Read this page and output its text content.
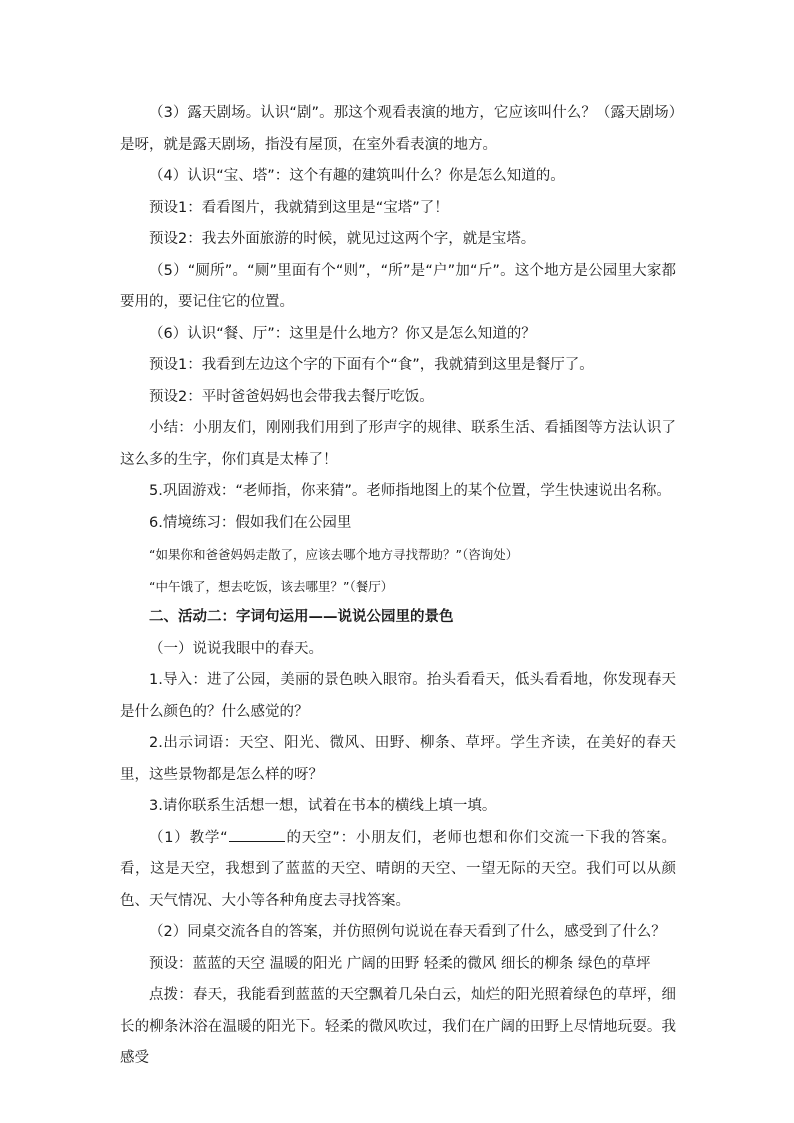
（3）露天剧场。认识“剧”。那这个观看表演的地方，它应该叫什么？（露天剧场）是呀，就是露天剧场，指没有屋顶，在室外看表演的地方。

（4）认识“宝、塔”：这个有趣的建筑叫什么？你是怎么知道的。

预设1：看看图片，我就猜到这里是“宝塔”了！

预设2：我去外面旅游的时候，就见过这两个字，就是宝塔。

（5）“厕所”。“厕”里面有个“则”，“所”是“户”加“斤”。这个地方是公园里大家都要用的，要记住它的位置。

（6）认识“餐、厅”：这里是什么地方？你又是怎么知道的？

预设1：我看到左边这个字的下面有个“食”，我就猜到这里是餐厅了。

预设2：平时爸爸妈妈也会带我去餐厅吃饭。

小结：小朋友们，刚刚我们用到了形声字的规律、联系生活、看插图等方法认识了这么多的生字，你们真是太棒了！

5.巩固游戏：“老师指，你来猜”。老师指地图上的某个位置，学生快速说出名称。

6.情境练习：假如我们在公园里

“如果你和爸爸妈妈走散了，应该去哪个地方寻找帮助？”（咨询处）

“中午饿了，想去吃饭，该去哪里？”（餐厅）

二、活动二：字词句运用——说说公园里的景色

（一）说说我眼中的春天。

1.导入：进了公园，美丽的景色映入眼帘。抬头看看天，低头看看地，你发现春天是什么颜色的？什么感觉的？

2.出示词语：天空、阳光、微风、田野、柳条、草坪。学生齐读，在美好的春天里，这些景物都是怎么样的呀？

3.请你联系生活想一想，试着在书本的横线上填一填。

（1）教学“	的天空”：小朋友们，老师也想和你们交流一下我的答案。看，这是天空，我想到了蓝蓝的天空、晴朗的天空、一望无际的天空。我们可以从颜色、天气情况、大小等各种角度去寻找答案。

（2）同桌交流各自的答案，并仿照例句说说在春天看到了什么，感受到了什么？

预设：蓝蓝的天空 温暖的阳光 广阔的田野 轻柔的微风 细长的柳条 绿色的草坪

点拨：春天，我能看到蓝蓝的天空飘着几朵白云，灿烂的阳光照着绿色的草坪，细长的柳条沐浴在温暖的阳光下。轻柔的微风吹过，我们在广阔的田野上尽情地玩耍。我感受
